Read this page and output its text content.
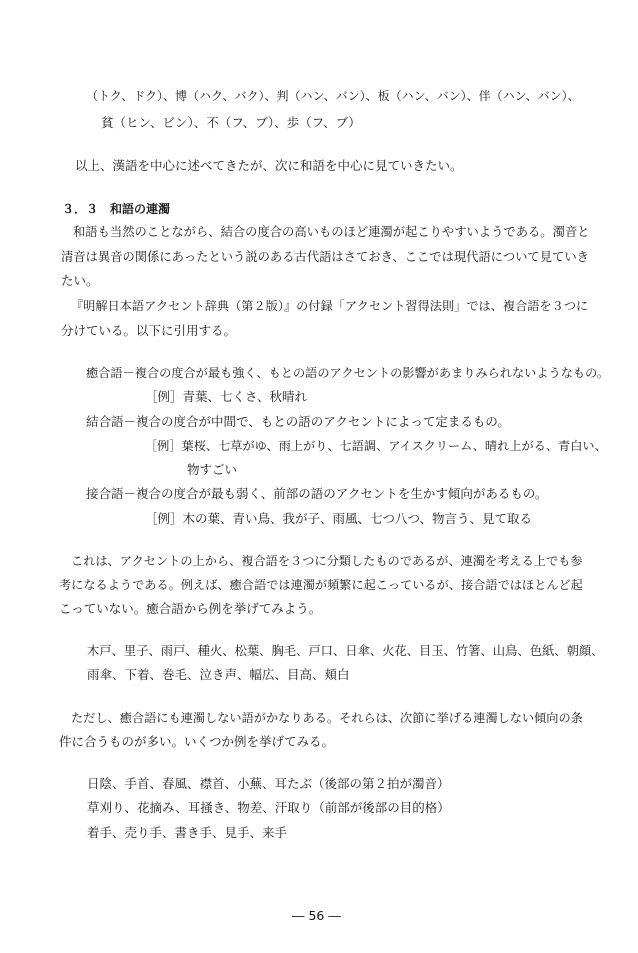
（トク、ドク）、博（ハク、バク）、判（ハン、バン）、板（ハン、バン）、伴（ハン、バン）、
貧（ヒン、ビン）、不（フ、ブ）、歩（フ、ブ）
以上、漢語を中心に述べてきたが、次に和語を中心に見ていきたい。
３．３　和語の連濁
和語も当然のことながら、結合の度合の高いものほど連濁が起こりやすいようである。濁音と
清音は異音の関係にあったという説のある古代語はさておき、ここでは現代語について見ていき
たい。
『明解日本語アクセント辞典（第２版）』の付録「アクセント習得法則」では、複合語を３つに
分けている。以下に引用する。
癒合語－複合の度合が最も強く、もとの語のアクセントの影響があまりみられないようなもの。
［例］青葉、七くさ、秋晴れ
結合語－複合の度合が中間で、もとの語のアクセントによって定まるもの。
［例］葉桜、七草がゆ、雨上がり、七語調、アイスクリーム、晴れ上がる、青白い、
物すごい
接合語－複合の度合が最も弱く、前部の語のアクセントを生かす傾向があるもの。
［例］木の葉、青い鳥、我が子、雨風、七つ八つ、物言う、見て取る
これは、アクセントの上から、複合語を３つに分類したものであるが、連濁を考える上でも参
考になるようである。例えば、癒合語では連濁が頻繁に起こっているが、接合語ではほとんど起
こっていない。癒合語から例を挙げてみよう。
木戸、里子、雨戸、種火、松葉、胸毛、戸口、日傘、火花、目玉、竹箸、山鳥、色紙、朝顔、
雨傘、下着、巻毛、泣き声、幅広、目高、頬白
ただし、癒合語にも連濁しない語がかなりある。それらは、次節に挙げる連濁しない傾向の条
件に合うものが多い。いくつか例を挙げてみる。
日陰、手首、春風、襟首、小蕪、耳たぶ（後部の第２拍が濁音）
草刈り、花摘み、耳掻き、物差、汗取り（前部が後部の目的格）
着手、売り手、書き手、見手、来手
― 56 ―
